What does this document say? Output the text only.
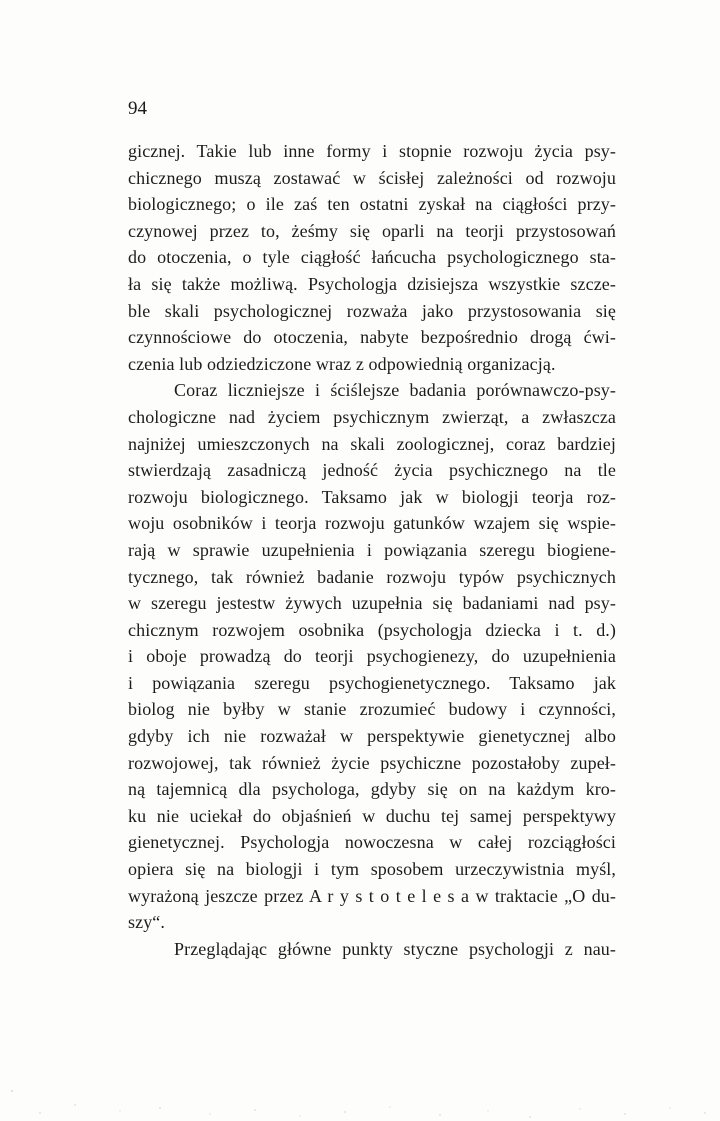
94
gicznej. Takie lub inne formy i stopnie rozwoju życia psy-
chicznego muszą zostawać w ścisłej zależności od rozwoju
biologicznego; o ile zaś ten ostatni zyskał na ciągłości przy-
czynowej przez to, żeśmy się oparli na teorji przystosowań
do otoczenia, o tyle ciągłość łańcucha psychologicznego sta-
ła się także możliwą. Psychologja dzisiejsza wszystkie szcze-
ble skali psychologicznej rozważa jako przystosowania się
czynnościowe do otoczenia, nabyte bezpośrednio drogą ćwi-
czenia lub odziedziczone wraz z odpowiednią organizacją.
Coraz liczniejsze i ściślejsze badania porównawczo-psy-
chologiczne nad życiem psychicznym zwierząt, a zwłaszcza
najniżej umieszczonych na skali zoologicznej, coraz bardziej
stwierdzają zasadniczą jedność życia psychicznego na tle
rozwoju biologicznego. Taksamo jak w biologji teorja roz-
woju osobników i teorja rozwoju gatunków wzajem się wspie-
rają w sprawie uzupełnienia i powiązania szeregu biogiene-
tycznego, tak również badanie rozwoju typów psychicznych
w szeregu jestestw żywych uzupełnia się badaniami nad psy-
chicznym rozwojem osobnika (psychologja dziecka i t. d.)
i oboje prowadzą do teorji psychogienezy, do uzupełnienia
i powiązania szeregu psychogienetycznego. Taksamo jak
biolog nie byłby w stanie zrozumieć budowy i czynności,
gdyby ich nie rozważał w perspektywie gienetycznej albo
rozwojowej, tak również życie psychiczne pozostałoby zupeł-
ną tajemnicą dla psychologa, gdyby się on na każdym kro-
ku nie uciekał do objaśnień w duchu tej samej perspektywy
gienetycznej. Psychologja nowoczesna w całej rozciągłości
opiera się na biologji i tym sposobem urzeczywistnia myśl,
wyrażoną jeszcze przez A r y s t o t e l e s a w traktacie „O du-
szy“.
Przeglądając główne punkty styczne psychologji z nau-
